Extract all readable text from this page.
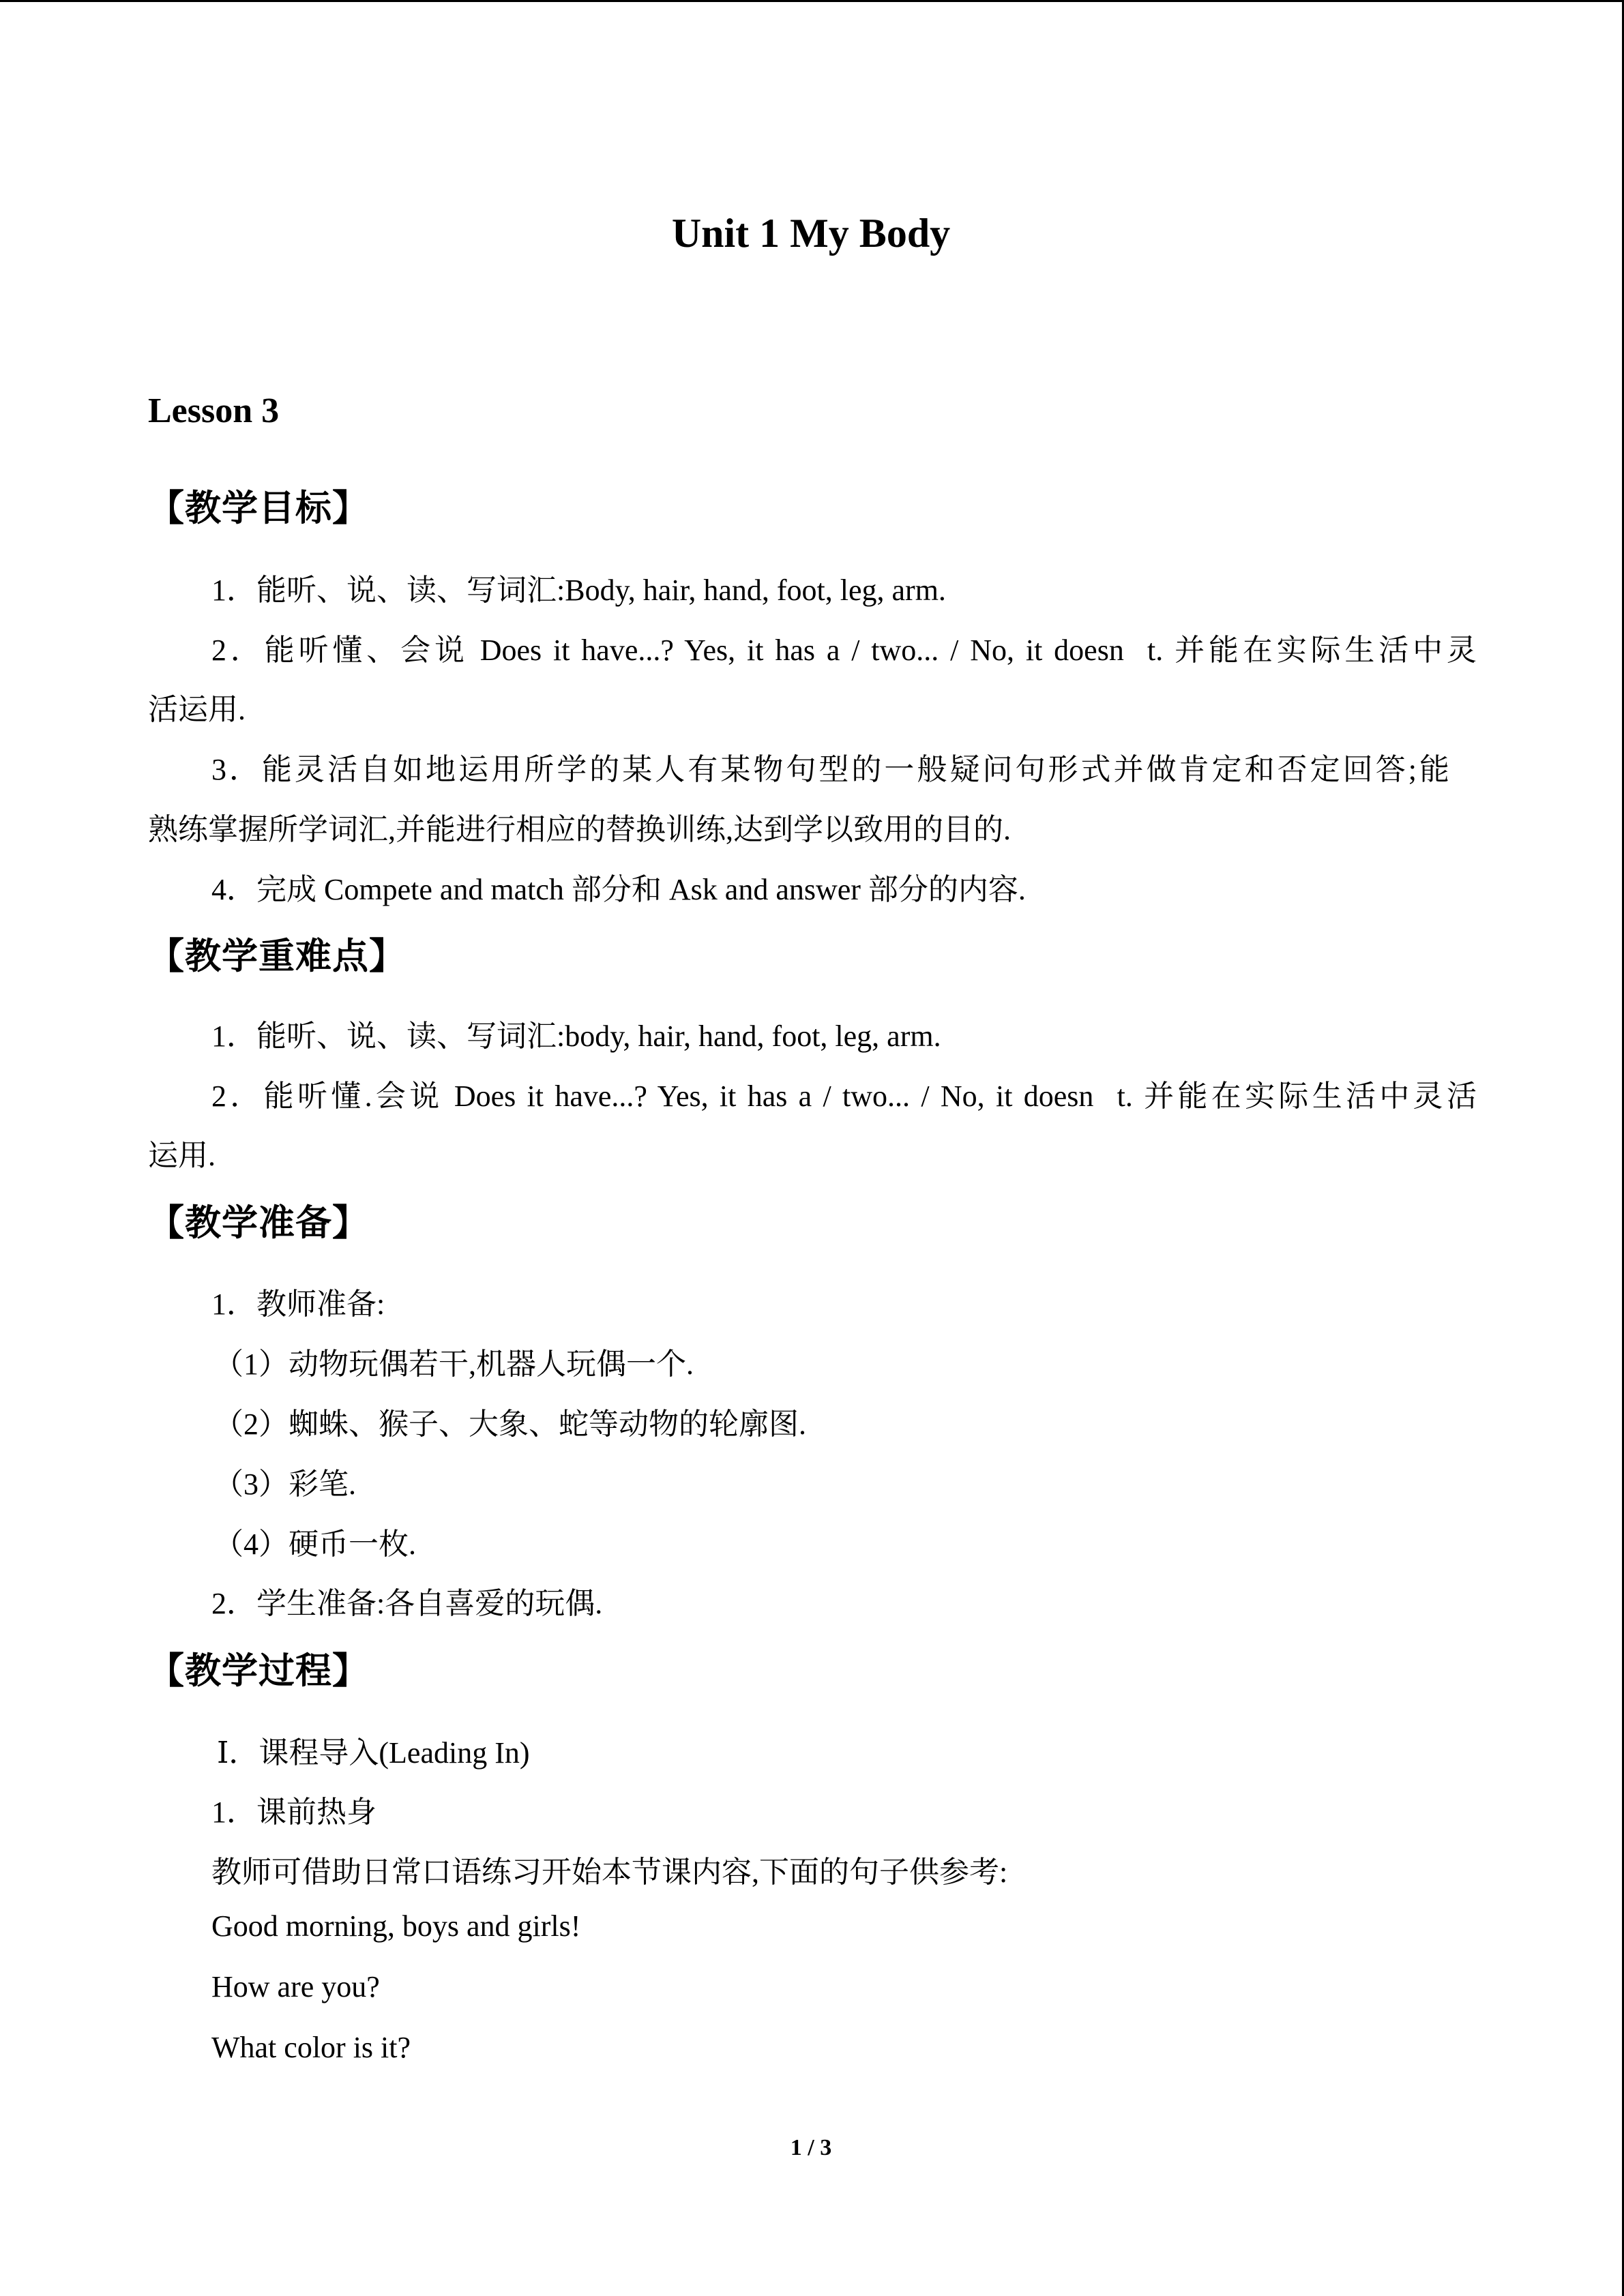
Unit 1 My Body
Lesson 3
【教学目标】
1．能听、说、读、写词汇:Body, hair, hand, foot, leg, arm.
2．能听懂、会说 Does it have...? Yes, it has a / two... / No, it doesn t. 并能在实际生活中灵
活运用.
3．能灵活自如地运用所学的某人有某物句型的一般疑问句形式并做肯定和否定回答;能
熟练掌握所学词汇,并能进行相应的替换训练,达到学以致用的目的.
4．完成 Compete and match 部分和 Ask and answer 部分的内容.
【教学重难点】
1．能听、说、读、写词汇:body, hair, hand, foot, leg, arm.
2．能听懂.会说 Does it have...? Yes, it has a / two... / No, it doesn t. 并能在实际生活中灵活
运用.
【教学准备】
1．教师准备:
（1）动物玩偶若干,机器人玩偶一个.
（2）蜘蛛、猴子、大象、蛇等动物的轮廓图.
（3）彩笔.
（4）硬币一枚.
2．学生准备:各自喜爱的玩偶.
【教学过程】
Ⅰ．课程导入(Leading In)
1．课前热身
教师可借助日常口语练习开始本节课内容,下面的句子供参考:
Good morning, boys and girls!
How are you?
What color is it?
1 / 3
